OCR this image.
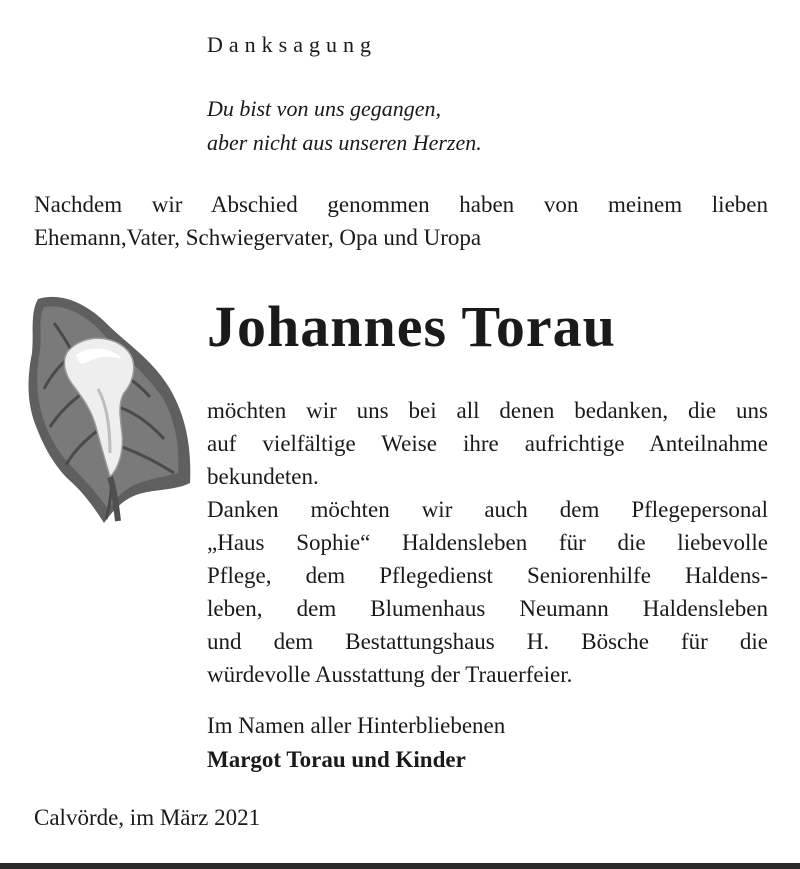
Danksagung
Du bist von uns gegangen,
aber nicht aus unseren Herzen.
Nachdem wir Abschied genommen haben von meinem lieben
Ehemann,Vater, Schwiegervater, Opa und Uropa
Johannes Torau
möchten wir uns bei all denen bedanken, die uns
auf vielfältige Weise ihre aufrichtige Anteilnahme
bekundeten.
Danken möchten wir auch dem Pflegepersonal
„Haus Sophie“ Haldensleben für die liebevolle
Pflege, dem Pflegedienst Seniorenhilfe Haldens-
leben, dem Blumenhaus Neumann Haldensleben
und dem Bestattungshaus H. Bösche für die
würdevolle Ausstattung der Trauerfeier.
Im Namen aller Hinterbliebenen
Margot Torau und Kinder
Calvörde, im März 2021
